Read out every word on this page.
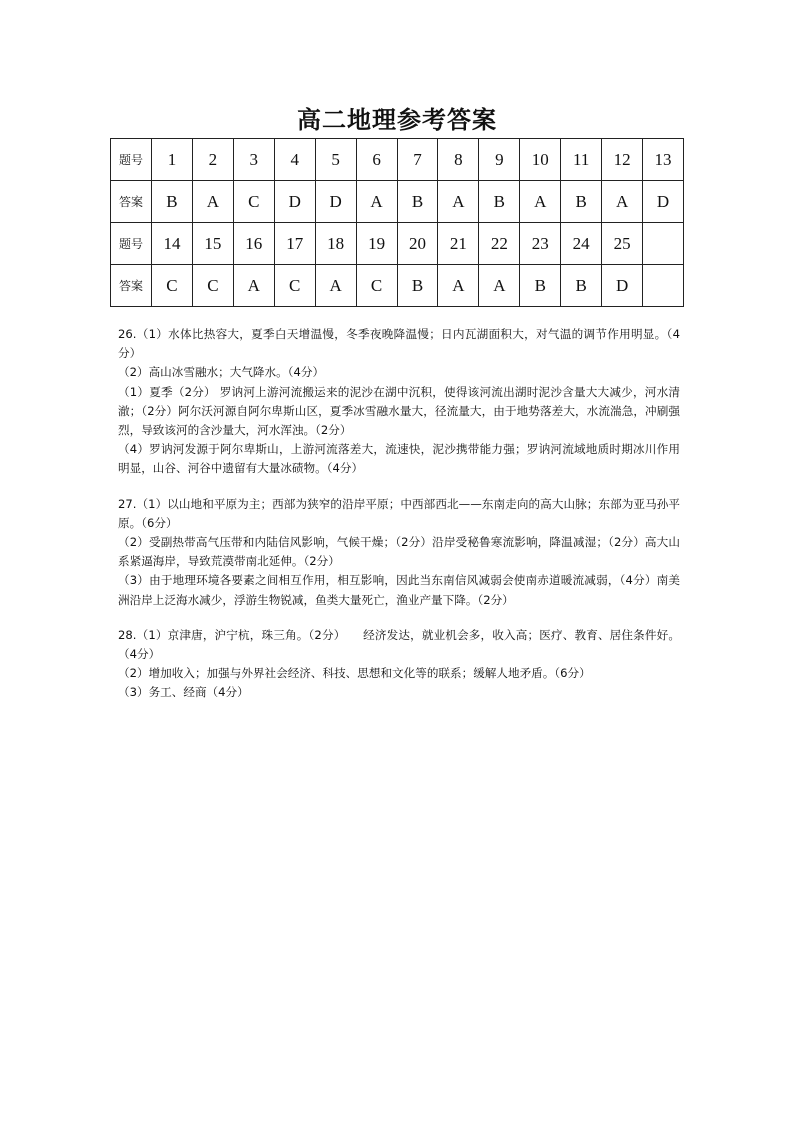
高二地理参考答案
题号	1	2	3	4	5	6	7	8	9	10	11	12	13
答案	B	A	C	D	D	A	B	A	B	A	B	A	D
题号	14	15	16	17	18	19	20	21	22	23	24	25	
答案	C	C	A	C	A	C	B	A	A	B	B	D	

26.（1）水体比热容大，夏季白天增温慢，冬季夜晚降温慢；日内瓦湖面积大，对气温的调节作用明显。（4分）

（2）高山冰雪融水；大气降水。（4分）

（1）夏季（2分） 罗讷河上游河流搬运来的泥沙在湖中沉积，使得该河流出湖时泥沙含量大大减少，河水清澈；（2分）阿尔沃河源自阿尔卑斯山区，夏季冰雪融水量大，径流量大，由于地势落差大，水流湍急，冲刷强烈，导致该河的含沙量大，河水浑浊。（2分）

（4）罗讷河发源于阿尔卑斯山，上游河流落差大，流速快，泥沙携带能力强；罗讷河流域地质时期冰川作用明显，山谷、河谷中遗留有大量冰碛物。（4分）

27.（1）以山地和平原为主；西部为狭窄的沿岸平原；中西部西北——东南走向的高大山脉；东部为亚马孙平原。（6分）

（2）受副热带高气压带和内陆信风影响，气候干燥；（2分）沿岸受秘鲁寒流影响，降温减湿；（2分）高大山系紧逼海岸，导致荒漠带南北延伸。（2分）

（3）由于地理环境各要素之间相互作用，相互影响，因此当东南信风减弱会使南赤道暖流减弱，（4分）南美洲沿岸上泛海水减少，浮游生物锐减，鱼类大量死亡，渔业产量下降。（2分）

28.（1）京津唐，沪宁杭，珠三角。（2分）　　经济发达，就业机会多，收入高；医疗、教育、居住条件好。（4分）

（2）增加收入；加强与外界社会经济、科技、思想和文化等的联系；缓解人地矛盾。（6分）

（3）务工、经商（4分）
